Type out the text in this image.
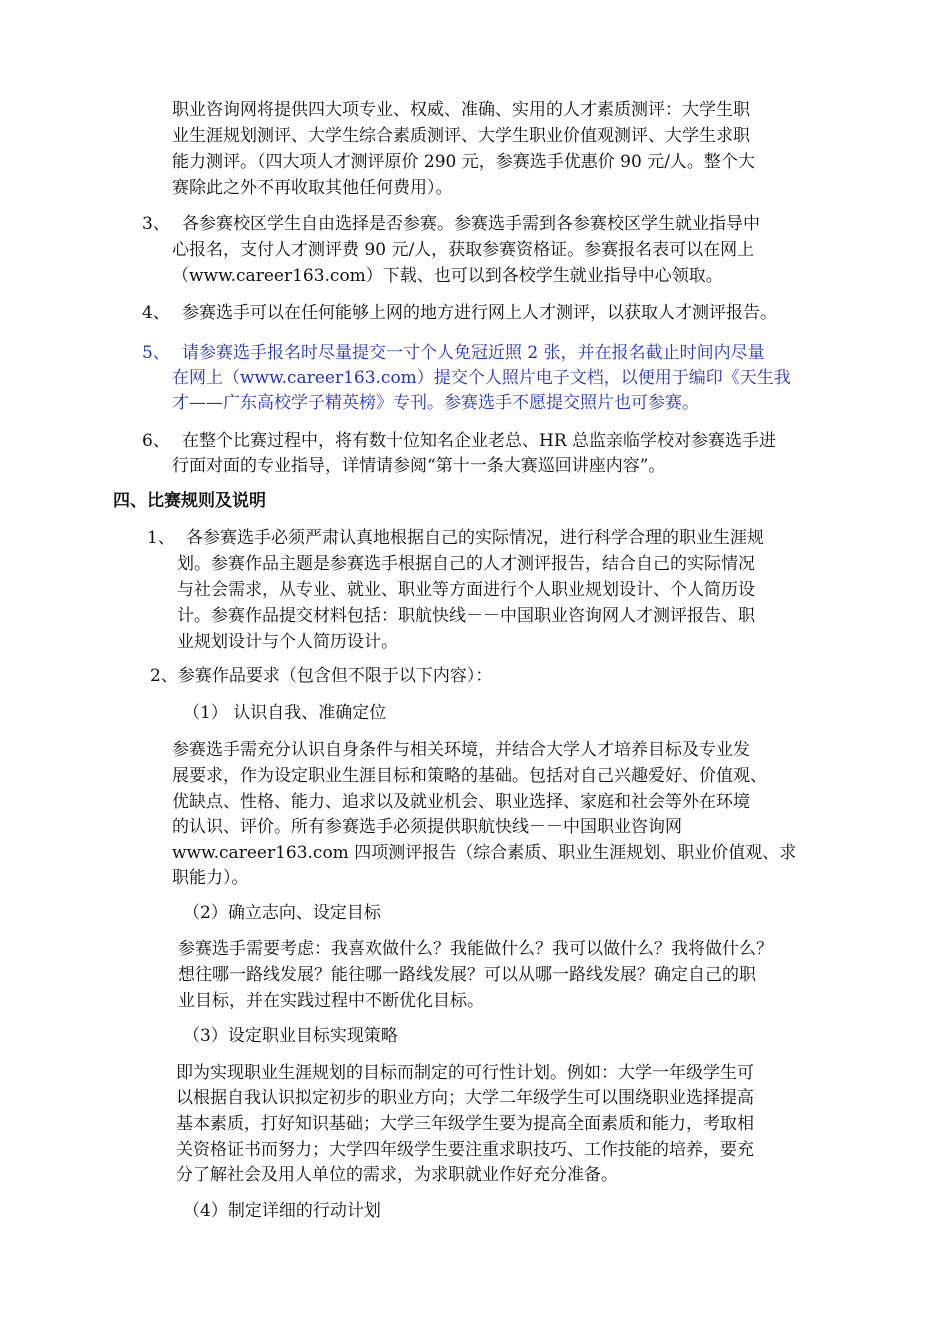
职业咨询网将提供四大项专业、权威、准确、实用的人才素质测评：大学生职
业生涯规划测评、大学生综合素质测评、大学生职业价值观测评、大学生求职
能力测评。（四大项人才测评原价 290 元，参赛选手优惠价 90 元/人。整个大
赛除此之外不再收取其他任何费用）。
3、 各参赛校区学生自由选择是否参赛。参赛选手需到各参赛校区学生就业指导中
心报名，支付人才测评费 90 元/人，获取参赛资格证。参赛报名表可以在网上
（www.career163.com）下载、也可以到各校学生就业指导中心领取。
4、 参赛选手可以在任何能够上网的地方进行网上人才测评，以获取人才测评报告。
5、 请参赛选手报名时尽量提交一寸个人免冠近照 2 张，并在报名截止时间内尽量
在网上（www.career163.com）提交个人照片电子文档，以便用于编印《天生我
才——广东高校学子精英榜》专刊。参赛选手不愿提交照片也可参赛。
6、 在整个比赛过程中，将有数十位知名企业老总、HR 总监亲临学校对参赛选手进
行面对面的专业指导，详情请参阅“第十一条大赛巡回讲座内容”。
四、比赛规则及说明
1、 各参赛选手必须严肃认真地根据自己的实际情况，进行科学合理的职业生涯规
划。参赛作品主题是参赛选手根据自己的人才测评报告，结合自己的实际情况
与社会需求，从专业、就业、职业等方面进行个人职业规划设计、个人简历设
计。参赛作品提交材料包括：职航快线－－中国职业咨询网人才测评报告、职
业规划设计与个人简历设计。
2、参赛作品要求（包含但不限于以下内容）：
（1） 认识自我、准确定位
参赛选手需充分认识自身条件与相关环境，并结合大学人才培养目标及专业发
展要求，作为设定职业生涯目标和策略的基础。包括对自己兴趣爱好、价值观、
优缺点、性格、能力、追求以及就业机会、职业选择、家庭和社会等外在环境
的认识、评价。所有参赛选手必须提供职航快线－－中国职业咨询网
www.career163.com 四项测评报告（综合素质、职业生涯规划、职业价值观、求
职能力）。
（2）确立志向、设定目标
参赛选手需要考虑：我喜欢做什么？我能做什么？我可以做什么？我将做什么？
想往哪一路线发展？能往哪一路线发展？可以从哪一路线发展？确定自己的职
业目标，并在实践过程中不断优化目标。
（3）设定职业目标实现策略
即为实现职业生涯规划的目标而制定的可行性计划。例如：大学一年级学生可
以根据自我认识拟定初步的职业方向；大学二年级学生可以围绕职业选择提高
基本素质，打好知识基础；大学三年级学生要为提高全面素质和能力，考取相
关资格证书而努力；大学四年级学生要注重求职技巧、工作技能的培养，要充
分了解社会及用人单位的需求，为求职就业作好充分准备。
（4）制定详细的行动计划
